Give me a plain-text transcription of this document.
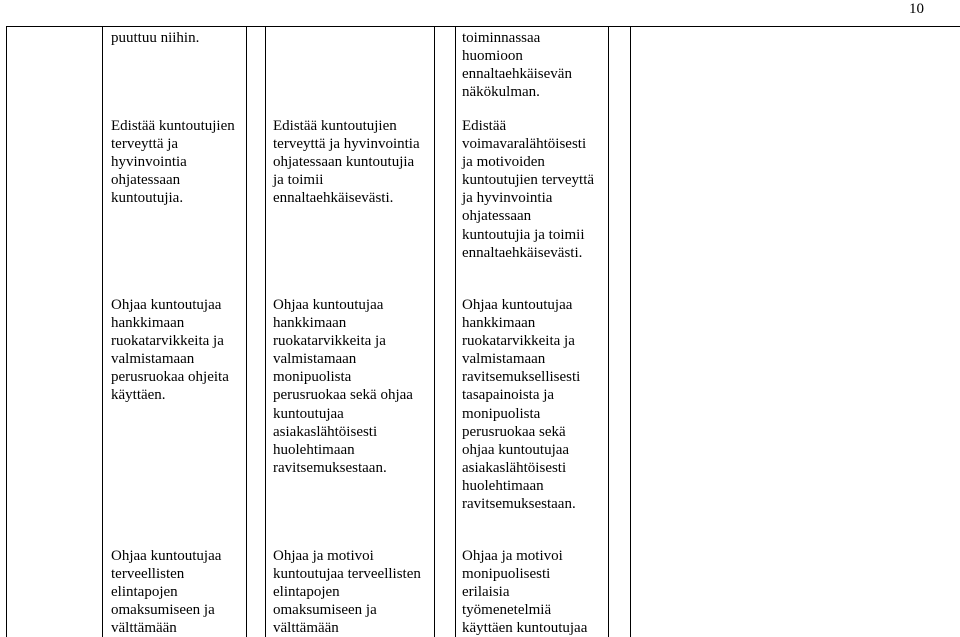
10
puuttuu niihin.	toiminnassaa
huomioon
ennaltaehkäisevän
näkökulman.
Edistää kuntoutujien
terveyttä ja
hyvinvointia
ohjatessaan
kuntoutujia.
Edistää kuntoutujien
terveyttä ja hyvinvointia
ohjatessaan kuntoutujia
ja toimii
ennaltaehkäisevästi.
Edistää
voimavaralähtöisesti
ja motivoiden
kuntoutujien terveyttä
ja hyvinvointia
ohjatessaan
kuntoutujia ja toimii
ennaltaehkäisevästi.
Ohjaa kuntoutujaa
hankkimaan
ruokatarvikkeita ja
valmistamaan
perusruokaa ohjeita
käyttäen.
Ohjaa kuntoutujaa
hankkimaan
ruokatarvikkeita ja
valmistamaan
monipuolista
perusruokaa sekä ohjaa
kuntoutujaa
asiakaslähtöisesti
huolehtimaan
ravitsemuksestaan.
Ohjaa kuntoutujaa
hankkimaan
ruokatarvikkeita ja
valmistamaan
ravitsemuksellisesti
tasapainoista ja
monipuolista
perusruokaa sekä
ohjaa kuntoutujaa
asiakaslähtöisesti
huolehtimaan
ravitsemuksestaan.
Ohjaa kuntoutujaa
terveellisten
elintapojen
omaksumiseen ja
välttämään
Ohjaa ja motivoi
kuntoutujaa terveellisten
elintapojen
omaksumiseen ja
välttämään
Ohjaa ja motivoi
monipuolisesti
erilaisia
työmenetelmiä
käyttäen kuntoutujaa
